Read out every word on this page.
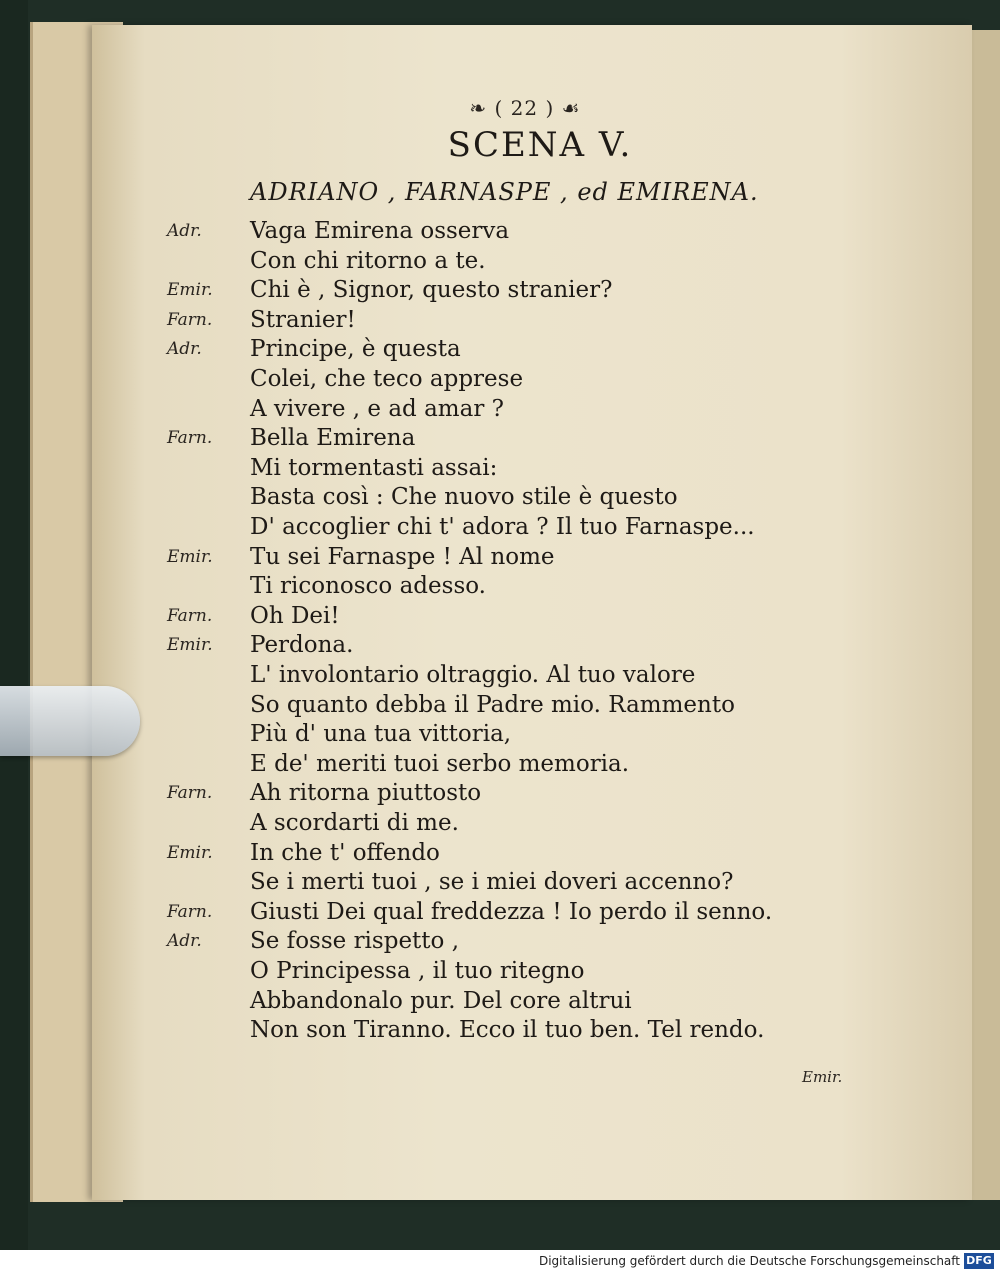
❧ ( 22 ) ☙
SCENA V.
ADRIANO , FARNASPE , ed EMIRENA.
Adr. Vaga Emirena osserva
Con chi ritorno a te.
Emir. Chi è , Signor, questo stranier?
Farn. Stranier!
Adr. Principe, è questa
Colei, che teco apprese
A vivere , e ad amar ?
Farn. Bella Emirena
Mi tormentasti assai:
Basta così : Che nuovo stile è questo
D' accoglier chi t' adora ? Il tuo Farnaspe...
Emir. Tu sei Farnaspe ! Al nome
Ti riconosco adesso.
Farn. Oh Dei!
Emir. Perdona.
L' involontario oltraggio. Al tuo valore
So quanto debba il Padre mio. Rammento
Più d' una tua vittoria,
E de' meriti tuoi serbo memoria.
Farn. Ah ritorna piuttosto
A scordarti di me.
Emir. In che t' offendo
Se i merti tuoi , se i miei doveri accenno?
Farn. Giusti Dei qual freddezza ! Io perdo il senno.
Adr. Se fosse rispetto ,
O Principessa , il tuo ritegno
Abbandonalo pur. Del core altrui
Non son Tiranno. Ecco il tuo ben. Tel rendo.
Emir.
Digitalisierung gefördert durch die Deutsche Forschungsgemeinschaft DFG
